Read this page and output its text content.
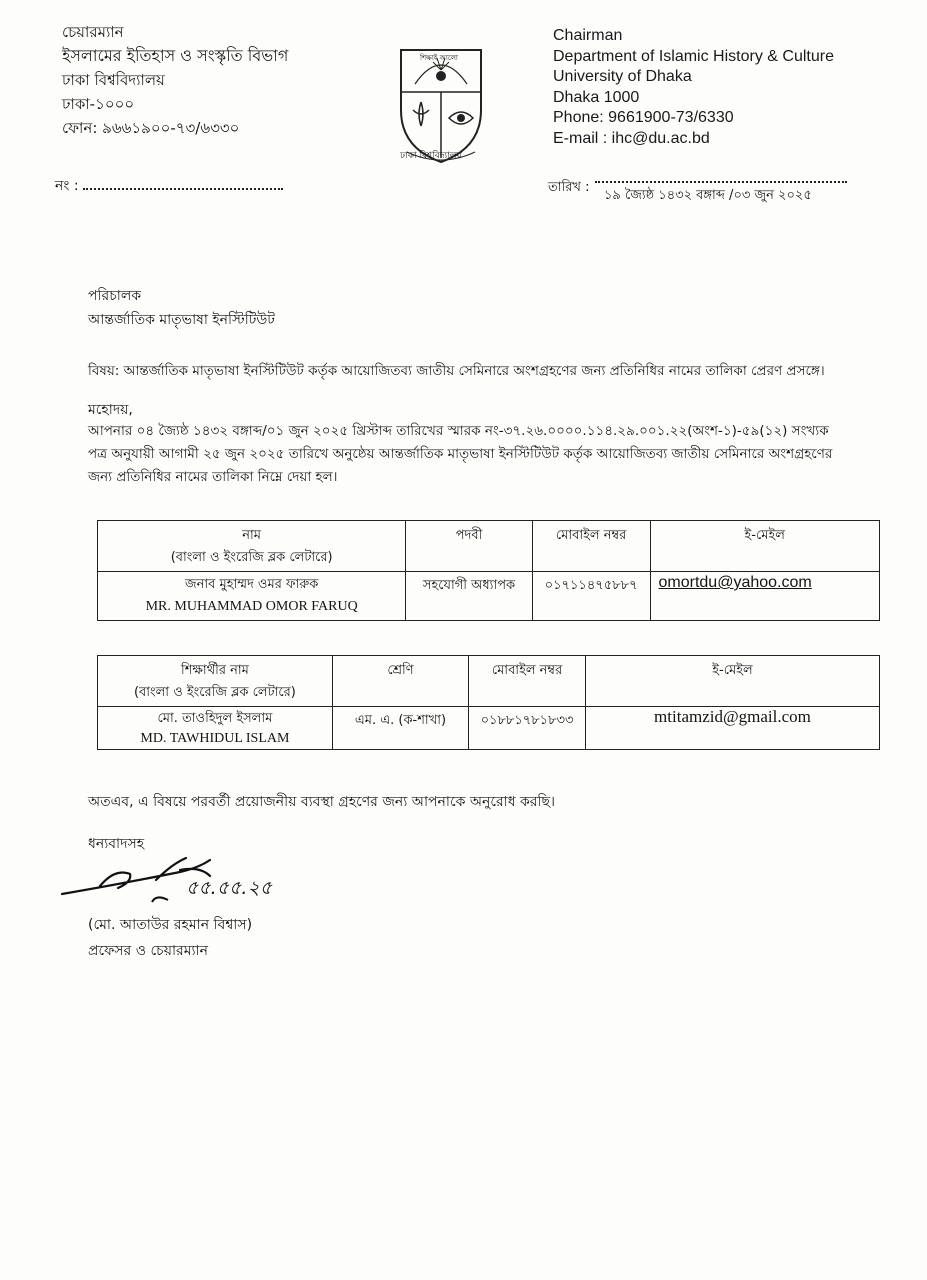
চেয়ারম্যান
ইসলামের ইতিহাস ও সংস্কৃতি বিভাগ
ঢাকা বিশ্ববিদ্যালয়
ঢাকা-১০০০
ফোন: ৯৬৬১৯০০-৭৩/৬৩৩০
ঢাকা বিশ্ববিদ্যালয়
শিক্ষাই আলো
Chairman
Department of Islamic History & Culture
University of Dhaka
Dhaka 1000
Phone: 9661900-73/6330
E-mail : ihc@du.ac.bd
নং :	তারিখ :
১৯ জ্যৈষ্ঠ ১৪৩২ বঙ্গাব্দ /০৩ জুন ২০২৫
পরিচালক
আন্তর্জাতিক মাতৃভাষা ইনস্টিটিউট
বিষয়: আন্তর্জাতিক মাতৃভাষা ইনস্টিটিউট কর্তৃক আয়োজিতব্য জাতীয় সেমিনারে অংশগ্রহণের জন্য প্রতিনিধির নামের তালিকা প্রেরণ প্রসঙ্গে।
মহোদয়,
আপনার ০৪ জ্যৈষ্ঠ ১৪৩২ বঙ্গাব্দ/০১ জুন ২০২৫ খ্রিস্টাব্দ তারিখের স্মারক নং-৩৭.২৬.০০০০.১১৪.২৯.০০১.২২(অংশ-১)-৫৯(১২) সংখ্যক
পত্র অনুযায়ী আগামী ২৫ জুন ২০২৫ তারিখে অনুষ্ঠেয় আন্তর্জাতিক মাতৃভাষা ইনস্টিটিউট কর্তৃক আয়োজিতব্য জাতীয় সেমিনারে অংশগ্রহণের
জন্য প্রতিনিধির নামের তালিকা নিম্নে দেয়া হল।
নাম
(বাংলা ও ইংরেজি ব্লক লেটারে)	পদবী	মোবাইল নম্বর	ই-মেইল

জনাব মুহাম্মদ ওমর ফারুক
MR. MUHAMMAD OMOR FARUQ	সহযোগী অধ্যাপক	০১৭১১৪৭৫৮৮৭	omortdu@yahoo.com
শিক্ষার্থীর নাম
(বাংলা ও ইংরেজি ব্লক লেটারে)	শ্রেণি	মোবাইল নম্বর	ই-মেইল

মো. তাওহিদুল ইসলাম
MD. TAWHIDUL ISLAM	এম. এ. (ক-শাখা)	০১৮৮১৭৮১৮৩৩	mtitamzid@gmail.com
অতএব, এ বিষয়ে পরবর্তী প্রয়োজনীয় ব্যবস্থা গ্রহণের জন্য আপনাকে অনুরোধ করছি।
ধন্যবাদসহ
৫৫.৫৫.২৫
(মো. আতাউর রহমান বিশ্বাস)
প্রফেসর ও চেয়ারম্যান
